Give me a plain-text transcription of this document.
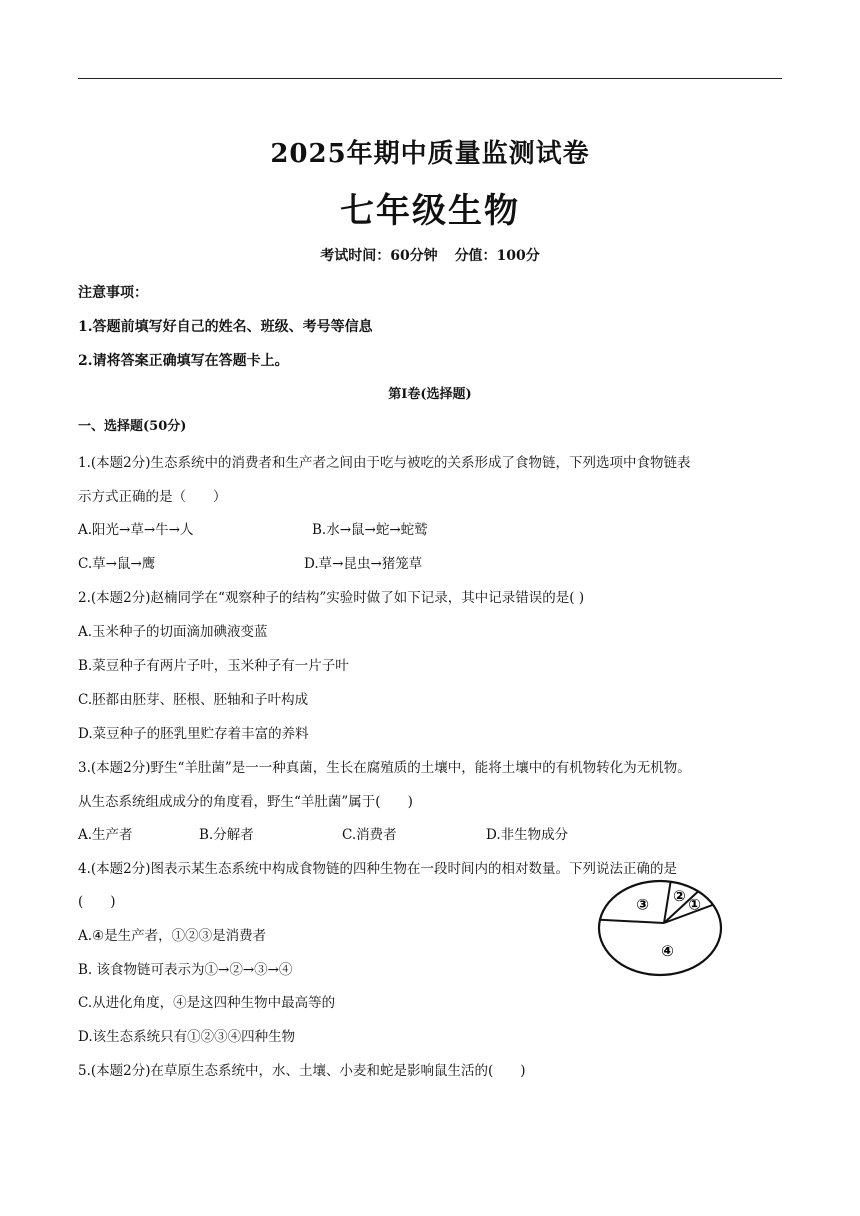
2025年期中质量监测试卷
七年级生物
考试时间：60分钟 分值：100分
注意事项：
1.答题前填写好自己的姓名、班级、考号等信息
2.请将答案正确填写在答题卡上。
第Ⅰ卷(选择题)
一、选择题(50分)
1.(本题2分)生态系统中的消费者和生产者之间由于吃与被吃的关系形成了食物链，下列选项中食物链表
示方式正确的是（　　）
A.阳光→草→牛→人	B.水→鼠→蛇→蛇鹫
C.草→鼠→鹰	D.草→昆虫→猪笼草
2.(本题2分)赵楠同学在“观察种子的结构”实验时做了如下记录，其中记录错误的是( )
A.玉米种子的切面滴加碘液变蓝
B.菜豆种子有两片子叶，玉米种子有一片子叶
C.胚都由胚芽、胚根、胚轴和子叶构成
D.菜豆种子的胚乳里贮存着丰富的养料
3.(本题2分)野生“羊肚菌”是一一种真菌，生长在腐殖质的土壤中，能将土壤中的有机物转化为无机物。
从生态系统组成成分的角度看，野生“羊肚菌”属于(　　)
A.生产者	B.分解者	C.消费者	D.非生物成分
4.(本题2分)图表示某生态系统中构成食物链的四种生物在一段时间内的相对数量。下列说法正确的是
(　　)
A.④是生产者，①②③是消费者
B. 该食物链可表示为①→②→③→④
C.从进化角度，④是这四种生物中最高等的
D.该生态系统只有①②③④四种生物
② ①
④
③
5.(本题2分)在草原生态系统中，水、土壤、小麦和蛇是影响鼠生活的(　　)
